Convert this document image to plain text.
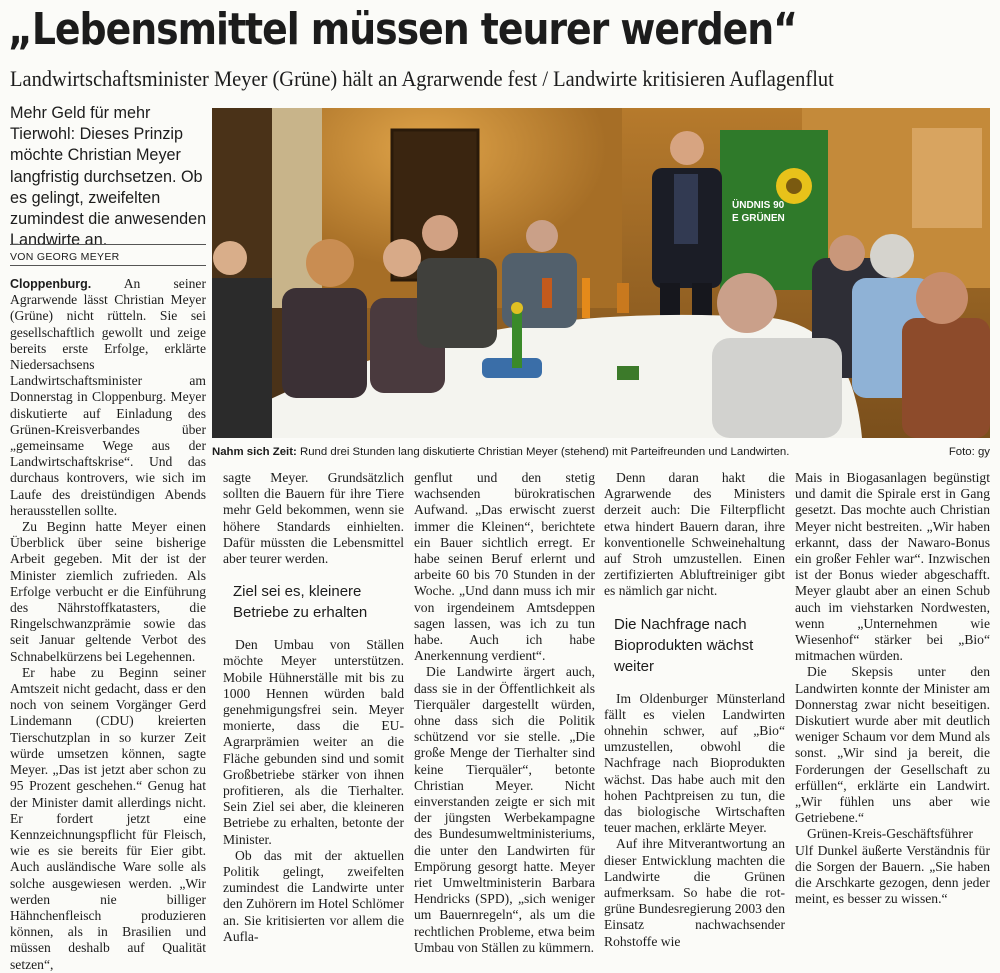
„Lebensmittel müssen teurer werden“
Landwirtschaftsminister Meyer (Grüne) hält an Agrarwende fest / Landwirte kritisieren Auflagenflut
Mehr Geld für mehr Tierwohl: Dieses Prinzip möchte Christian Meyer langfristig durchsetzen. Ob es gelingt, zweifelten zumindest die anwesenden Landwirte an.
VON GEORG MEYER
ÜNDNIS 90
E GRÜNEN
Nahm sich Zeit: Rund drei Stunden lang diskutierte Christian Meyer (stehend) mit Parteifreunden und Landwirten.	Foto: gy

Cloppenburg. An seiner Agrarwende lässt Christian Meyer (Grüne) nicht rütteln. Sie sei gesellschaftlich gewollt und zeige bereits erste Erfolge, erklärte Niedersachsens Landwirtschaftsminister am Donnerstag in Cloppenburg. Meyer diskutierte auf Einladung des Grünen-Kreisverbandes über „gemeinsame Wege aus der Landwirtschaftskrise“. Und das durchaus kontrovers, wie sich im Laufe des dreistündigen Abends herausstellen sollte.

Zu Beginn hatte Meyer einen Überblick über seine bisherige Arbeit gegeben. Mit der ist der Minister ziemlich zufrieden. Als Erfolge verbucht er die Einführung des Nährstoffkatasters, die Ringelschwanzprämie sowie das seit Januar geltende Verbot des Schnabelkürzens bei Legehennen.

Er habe zu Beginn seiner Amtszeit nicht gedacht, dass er den noch von seinem Vorgänger Gerd Lindemann (CDU) kreierten Tierschutzplan in so kurzer Zeit würde umsetzen können, sagte Meyer. „Das ist jetzt aber schon zu 95 Prozent geschehen.“ Genug hat der Minister damit allerdings nicht. Er fordert jetzt eine Kennzeichnungspflicht für Fleisch, wie es sie bereits für Eier gibt. Auch ausländische Ware solle als solche ausgewiesen werden. „Wir werden nie billiger Hähnchenfleisch produzieren können, als in Brasilien und müssen deshalb auf Qualität setzen“,

sagte Meyer. Grundsätzlich sollten die Bauern für ihre Tiere mehr Geld bekommen, wenn sie höhere Standards einhielten. Dafür müssten die Lebensmittel aber teurer werden.

Ziel sei es, kleinere Betriebe zu erhalten

Den Umbau von Ställen möchte Meyer unterstützen. Mobile Hühnerställe mit bis zu 1000 Hennen würden bald genehmigungsfrei sein. Meyer monierte, dass die EU-Agrarprämien weiter an die Fläche gebunden sind und somit Großbetriebe stärker von ihnen profitieren, als die Tierhalter. Sein Ziel sei aber, die kleineren Betriebe zu erhalten, betonte der Minister.

Ob das mit der aktuellen Politik gelingt, zweifelten zumindest die Landwirte unter den Zuhörern im Hotel Schlömer an. Sie kritisierten vor allem die Aufla-

genflut und den stetig wachsenden bürokratischen Aufwand. „Das erwischt zuerst immer die Kleinen“, berichtete ein Bauer sichtlich erregt. Er habe seinen Beruf erlernt und arbeite 60 bis 70 Stunden in der Woche. „Und dann muss ich mir von irgendeinem Amtsdeppen sagen lassen, was ich zu tun habe. Auch ich habe Anerkennung verdient“.

Die Landwirte ärgert auch, dass sie in der Öffentlichkeit als Tierquäler dargestellt würden, ohne dass sich die Politik schützend vor sie stelle. „Die große Menge der Tierhalter sind keine Tierquäler“, betonte Christian Meyer. Nicht einverstanden zeigte er sich mit der jüngsten Werbekampagne des Bundesumweltministeriums, die unter den Landwirten für Empörung gesorgt hatte. Meyer riet Umweltministerin Barbara Hendricks (SPD), „sich weniger um Bauernregeln“, als um die rechtlichen Probleme, etwa beim Umbau von Ställen zu kümmern.

Denn daran hakt die Agrarwende des Ministers derzeit auch: Die Filterpflicht etwa hindert Bauern daran, ihre konventionelle Schweinehaltung auf Stroh umzustellen. Einen zertifizierten Abluftreiniger gibt es nämlich gar nicht.

Die Nachfrage nach Bioprodukten wächst weiter

Im Oldenburger Münsterland fällt es vielen Landwirten ohnehin schwer, auf „Bio“ umzustellen, obwohl die Nachfrage nach Bioprodukten wächst. Das habe auch mit den hohen Pachtpreisen zu tun, die das biologische Wirtschaften teuer machen, erklärte Meyer.

Auf ihre Mitverantwortung an dieser Entwicklung machten die Landwirte die Grünen aufmerksam. So habe die rot-grüne Bundesregierung 2003 den Einsatz nachwachsender Rohstoffe wie

Mais in Biogasanlagen begünstigt und damit die Spirale erst in Gang gesetzt. Das mochte auch Christian Meyer nicht bestreiten. „Wir haben erkannt, dass der Nawaro-Bonus ein großer Fehler war“. Inzwischen ist der Bonus wieder abgeschafft. Meyer glaubt aber an einen Schub auch im viehstarken Nordwesten, wenn „Unternehmen wie Wiesenhof“ stärker bei „Bio“ mitmachen würden.

Die Skepsis unter den Landwirten konnte der Minister am Donnerstag zwar nicht beseitigen. Diskutiert wurde aber mit deutlich weniger Schaum vor dem Mund als sonst. „Wir sind ja bereit, die Forderungen der Gesellschaft zu erfüllen“, erklärte ein Landwirt. „Wir fühlen uns aber wie Getriebene.“

Grünen-Kreis-Geschäftsführer Ulf Dunkel äußerte Verständnis für die Sorgen der Bauern. „Sie haben die Arschkarte gezogen, denn jeder meint, es besser zu wissen.“
